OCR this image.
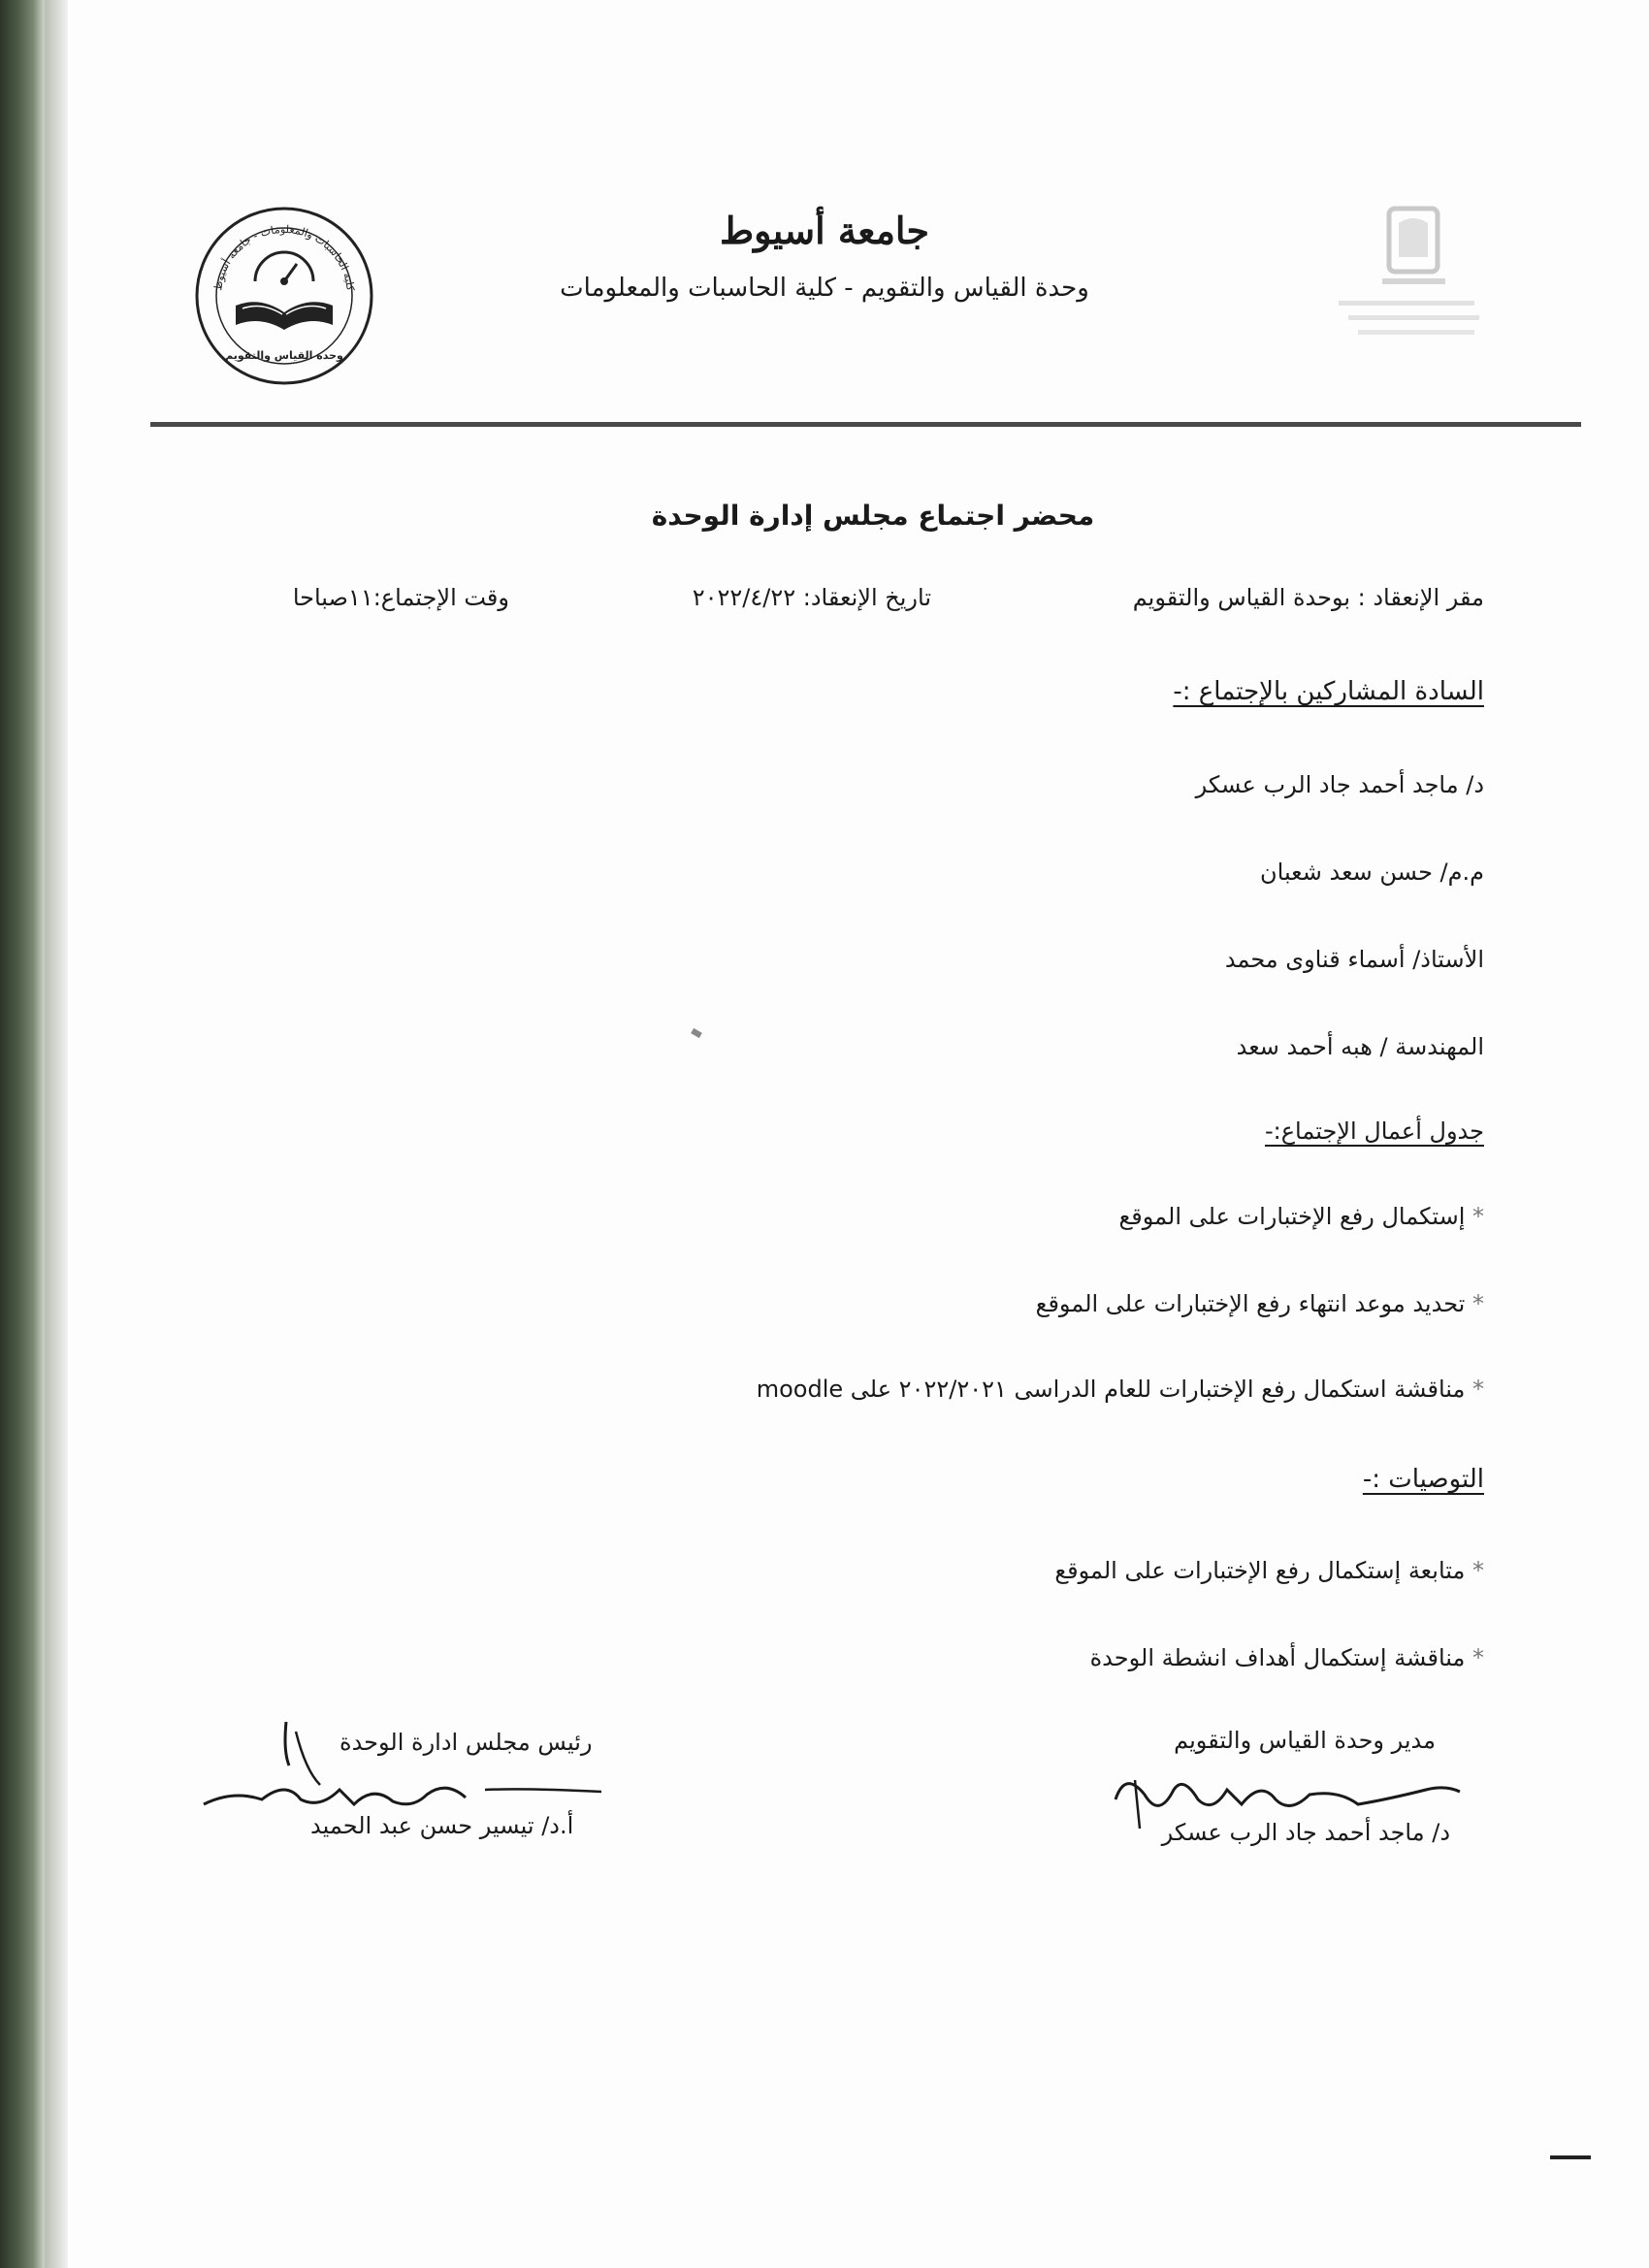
كلية الحاسبات والمعلومات - جامعة أسيوط
وحدة القياس والتقويم
جامعة أسيوط
وحدة القياس والتقويم - كلية الحاسبات والمعلومات
محضر اجتماع مجلس إدارة الوحدة
مقر الإنعقاد : بوحدة القياس والتقويم
تاريخ الإنعقاد: ٢٠٢٢/٤/٢٢
وقت الإجتماع:١١صباحا
السادة المشاركين بالإجتماع :-
د/ ماجد أحمد جاد الرب عسكر
م.م/ حسن سعد شعبان
الأستاذ/ أسماء قناوى محمد
المهندسة / هبه أحمد سعد
جدول أعمال الإجتماع:-
* إستكمال رفع الإختبارات على الموقع
* تحديد موعد انتهاء رفع الإختبارات على الموقع
* مناقشة استكمال رفع الإختبارات للعام الدراسى ٢٠٢٢/٢٠٢١ على moodle
التوصيات :-
* متابعة إستكمال رفع الإختبارات على الموقع
* مناقشة إستكمال أهداف انشطة الوحدة
مدير وحدة القياس والتقويم
د/ ماجد أحمد جاد الرب عسكر
رئيس مجلس ادارة الوحدة
أ.د/ تيسير حسن عبد الحميد
